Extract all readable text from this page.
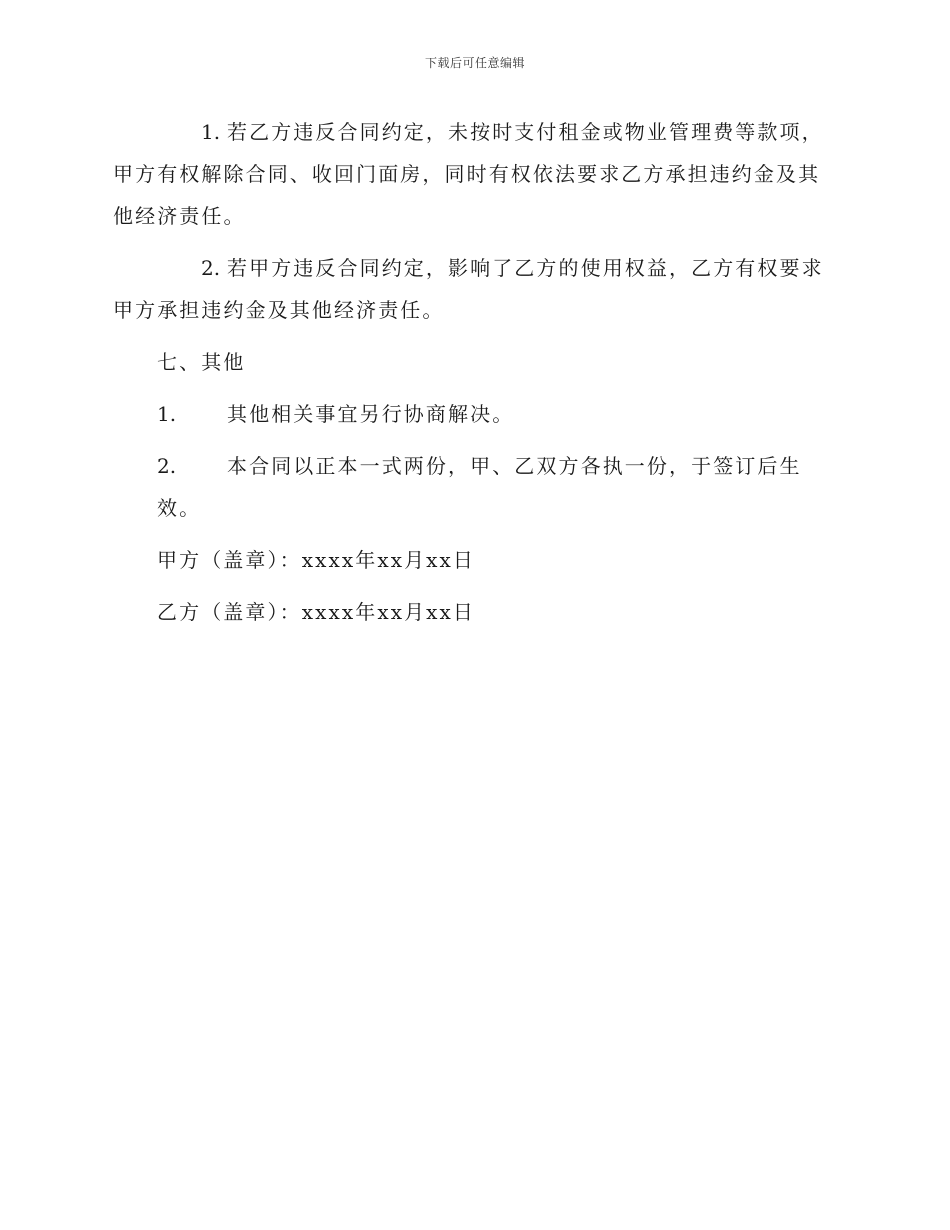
下载后可任意编辑

1. 若乙方违反合同约定，未按时支付租金或物业管理费等款项，甲方有权解除合同、收回门面房，同时有权依法要求乙方承担违约金及其他经济责任。

2. 若甲方违反合同约定，影响了乙方的使用权益，乙方有权要求甲方承担违约金及其他经济责任。

七、其他

1.	其他相关事宜另行协商解决。

2.	本合同以正本一式两份，甲、乙双方各执一份，于签订后生效。

甲方（盖章）：xxxx年xx月xx日

乙方（盖章）：xxxx年xx月xx日
